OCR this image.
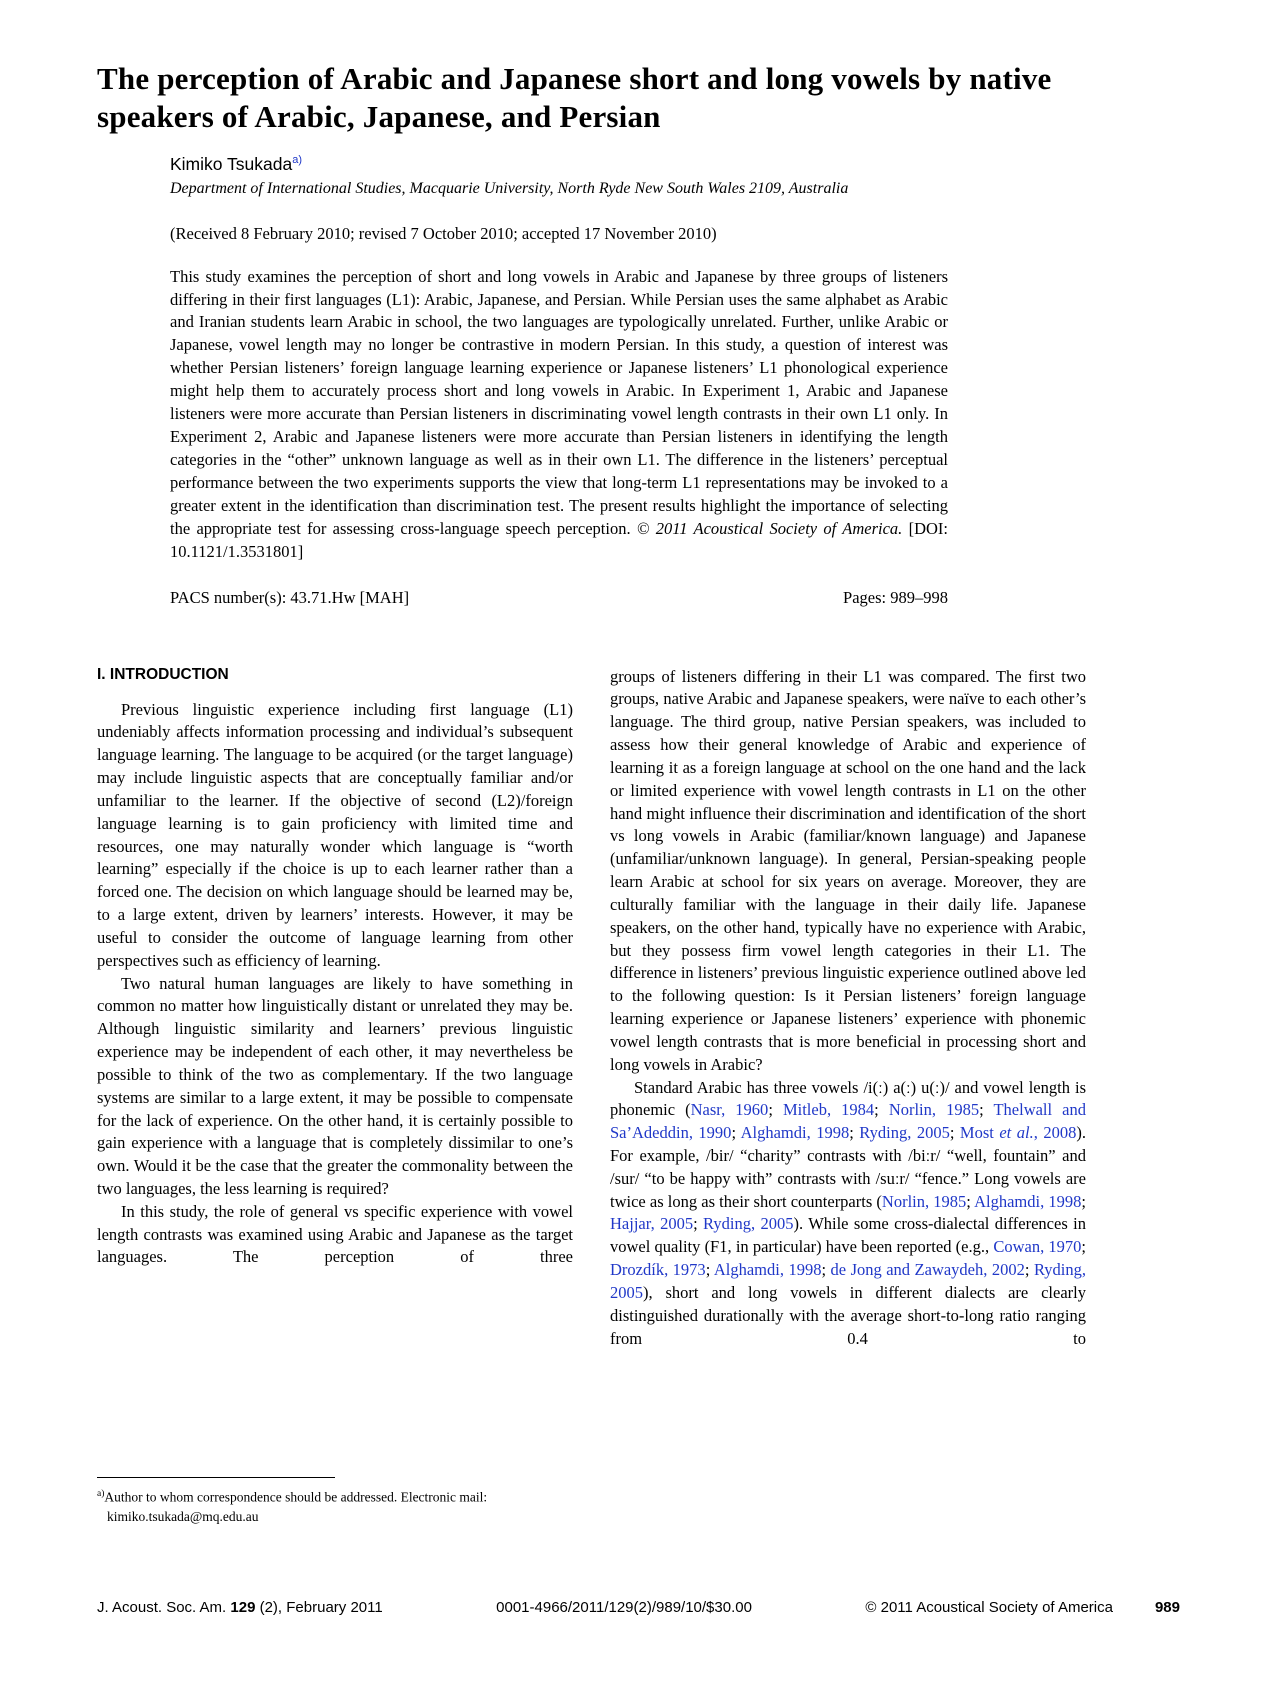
The perception of Arabic and Japanese short and long vowels by native speakers of Arabic, Japanese, and Persian
Kimiko Tsukada$^{a)}$
Department of International Studies, Macquarie University, North Ryde New South Wales 2109, Australia
(Received 8 February 2010; revised 7 October 2010; accepted 17 November 2010)

This study examines the perception of short and long vowels in Arabic and Japanese by three groups of listeners differing in their first languages (L1): Arabic, Japanese, and Persian. While Persian uses the same alphabet as Arabic and Iranian students learn Arabic in school, the two languages are typologically unrelated. Further, unlike Arabic or Japanese, vowel length may no longer be contrastive in modern Persian. In this study, a question of interest was whether Persian listeners’ foreign language learning experience or Japanese listeners’ L1 phonological experience might help them to accurately process short and long vowels in Arabic. In Experiment 1, Arabic and Japanese listeners were more accurate than Persian listeners in discriminating vowel length contrasts in their own L1 only. In Experiment 2, Arabic and Japanese listeners were more accurate than Persian listeners in identifying the length categories in the “other” unknown language as well as in their own L1. The difference in the listeners’ perceptual performance between the two experiments supports the view that long-term L1 representations may be invoked to a greater extent in the identification than discrimination test. The present results highlight the importance of selecting the appropriate test for assessing cross-language speech perception. © 2011 Acoustical Society of America. [DOI: 10.1121/1.3531801]

PACS number(s): 43.71.Hw [MAH]	Pages: 989–998
I. INTRODUCTION

Previous linguistic experience including first language (L1) undeniably affects information processing and individual’s subsequent language learning. The language to be acquired (or the target language) may include linguistic aspects that are conceptually familiar and/or unfamiliar to the learner. If the objective of second (L2)/foreign language learning is to gain proficiency with limited time and resources, one may naturally wonder which language is “worth learning” especially if the choice is up to each learner rather than a forced one. The decision on which language should be learned may be, to a large extent, driven by learners’ interests. However, it may be useful to consider the outcome of language learning from other perspectives such as efficiency of learning.

Two natural human languages are likely to have something in common no matter how linguistically distant or unrelated they may be. Although linguistic similarity and learners’ previous linguistic experience may be independent of each other, it may nevertheless be possible to think of the two as complementary. If the two language systems are similar to a large extent, it may be possible to compensate for the lack of experience. On the other hand, it is certainly possible to gain experience with a language that is completely dissimilar to one’s own. Would it be the case that the greater the commonality between the two languages, the less learning is required?

In this study, the role of general vs specific experience with vowel length contrasts was examined using Arabic and Japanese as the target languages. The perception of three

$^{a)}$Author to whom correspondence should be addressed. Electronic mail:
kimiko.tsukada@mq.edu.au

groups of listeners differing in their L1 was compared. The first two groups, native Arabic and Japanese speakers, were naïve to each other’s language. The third group, native Persian speakers, was included to assess how their general knowledge of Arabic and experience of learning it as a foreign language at school on the one hand and the lack or limited experience with vowel length contrasts in L1 on the other hand might influence their discrimination and identification of the short vs long vowels in Arabic (familiar/known language) and Japanese (unfamiliar/unknown language). In general, Persian-speaking people learn Arabic at school for six years on average. Moreover, they are culturally familiar with the language in their daily life. Japanese speakers, on the other hand, typically have no experience with Arabic, but they possess firm vowel length categories in their L1. The difference in listeners’ previous linguistic experience outlined above led to the following question: Is it Persian listeners’ foreign language learning experience or Japanese listeners’ experience with phonemic vowel length contrasts that is more beneficial in processing short and long vowels in Arabic?

Standard Arabic has three vowels /i(ː) a(ː) u(ː)/ and vowel length is phonemic (Nasr, 1960; Mitleb, 1984; Norlin, 1985; Thelwall and Sa’Adeddin, 1990; Alghamdi, 1998; Ryding, 2005; Most et al., 2008). For example, /bir/ “charity” contrasts with /biːr/ “well, fountain” and /sur/ “to be happy with” contrasts with /suːr/ “fence.” Long vowels are twice as long as their short counterparts (Norlin, 1985; Alghamdi, 1998; Hajjar, 2005; Ryding, 2005). While some cross-dialectal differences in vowel quality (F1, in particular) have been reported (e.g., Cowan, 1970; Drozdík, 1973; Alghamdi, 1998; de Jong and Zawaydeh, 2002; Ryding, 2005), short and long vowels in different dialects are clearly distinguished durationally with the average short-to-long ratio ranging from 0.4 to

J. Acoust. Soc. Am. 129 (2), February 2011	0001-4966/2011/129(2)/989/10/$30.00	© 2011 Acoustical Society of America	989
